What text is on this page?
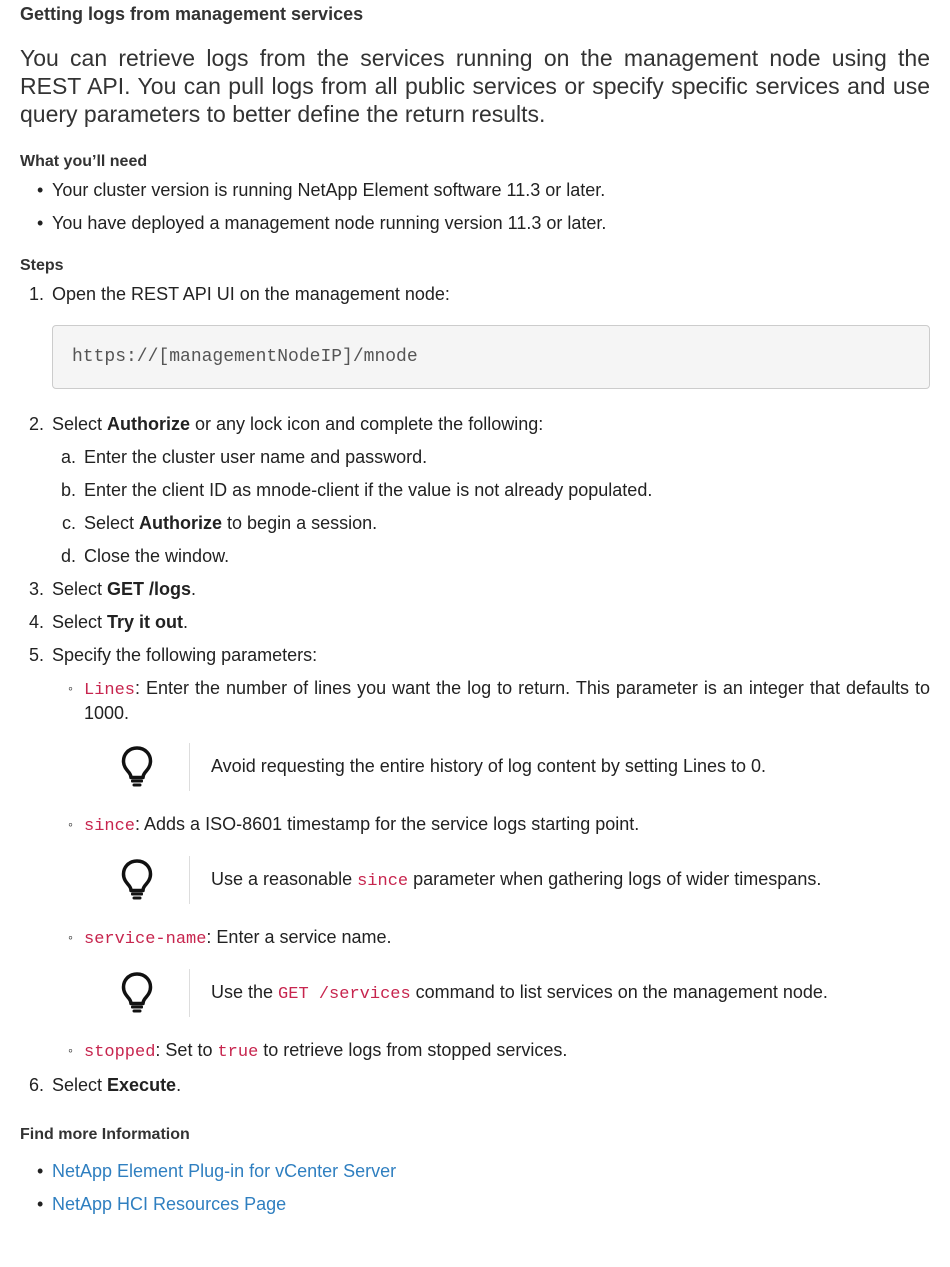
Getting logs from management services

You can retrieve logs from the services running on the management node using the REST API. You can pull logs from all public services or specify specific services and use query parameters to better define the return results.

What you’ll need
• Your cluster version is running NetApp Element software 11.3 or later.
• You have deployed a management node running version 11.3 or later.
Steps
1. Open the REST API UI on the management node:
https://[managementNodeIP]/mnode
2. Select Authorize or any lock icon and complete the following:
a. Enter the cluster user name and password.
b. Enter the client ID as mnode-client if the value is not already populated.
c. Select Authorize to begin a session.
d. Close the window.
3. Select GET /logs.
4. Select Try it out.
5. Specify the following parameters:
◦ Lines: Enter the number of lines you want the log to return. This parameter is an integer that defaults to 1000.
Avoid requesting the entire history of log content by setting Lines to 0.
◦ since: Adds a ISO-8601 timestamp for the service logs starting point.
Use a reasonable since parameter when gathering logs of wider timespans.
◦ service-name: Enter a service name.
Use the GET /services command to list services on the management node.
◦ stopped: Set to true to retrieve logs from stopped services.
6. Select Execute.
Find more Information
• NetApp Element Plug-in for vCenter Server
• NetApp HCI Resources Page
